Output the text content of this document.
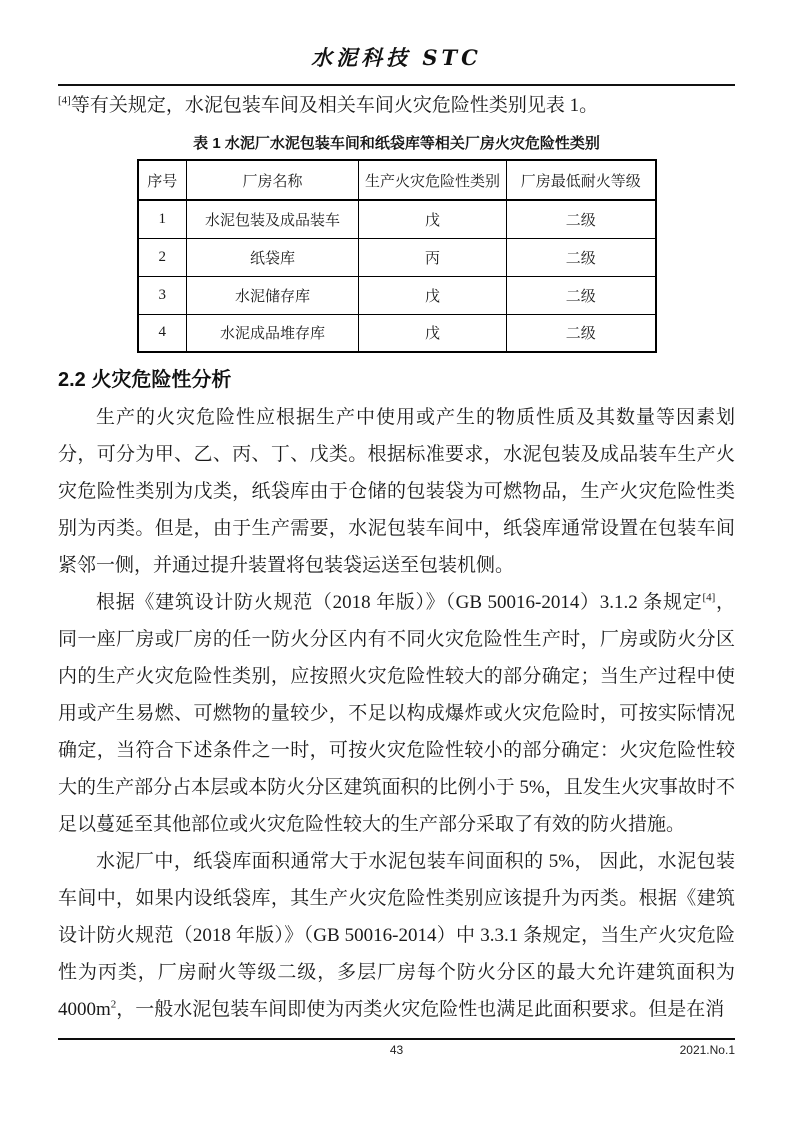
水泥科技 STC

[4]等有关规定，水泥包装车间及相关车间火灾危险性类别见表 1。

表 1 水泥厂水泥包装车间和纸袋库等相关厂房火灾危险性类别
序号	厂房名称	生产火灾危险性类别	厂房最低耐火等级
1	水泥包装及成品装车	戊	二级
2	纸袋库	丙	二级
3	水泥储存库	戊	二级
4	水泥成品堆存库	戊	二级
2.2 火灾危险性分析

生产的火灾危险性应根据生产中使用或产生的物质性质及其数量等因素划分，可分为甲、乙、丙、丁、戊类。根据标准要求，水泥包装及成品装车生产火灾危险性类别为戊类，纸袋库由于仓储的包装袋为可燃物品，生产火灾危险性类别为丙类。但是，由于生产需要，水泥包装车间中，纸袋库通常设置在包装车间紧邻一侧，并通过提升装置将包装袋运送至包装机侧。

根据《建筑设计防火规范（2018 年版）》（GB 50016-2014）3.1.2 条规定[4]，同一座厂房或厂房的任一防火分区内有不同火灾危险性生产时，厂房或防火分区内的生产火灾危险性类别，应按照火灾危险性较大的部分确定；当生产过程中使用或产生易燃、可燃物的量较少，不足以构成爆炸或火灾危险时，可按实际情况确定，当符合下述条件之一时，可按火灾危险性较小的部分确定：火灾危险性较大的生产部分占本层或本防火分区建筑面积的比例小于 5%，且发生火灾事故时不足以蔓延至其他部位或火灾危险性较大的生产部分采取了有效的防火措施。

水泥厂中，纸袋库面积通常大于水泥包装车间面积的 5%， 因此，水泥包装车间中，如果内设纸袋库，其生产火灾危险性类别应该提升为丙类。根据《建筑设计防火规范（2018 年版）》（GB 50016-2014）中 3.3.1 条规定，当生产火灾危险性为丙类，厂房耐火等级二级，多层厂房每个防火分区的最大允许建筑面积为$4000m^2$，一般水泥包装车间即使为丙类火灾危险性也满足此面积要求。但是在消

43	2021.No.1
